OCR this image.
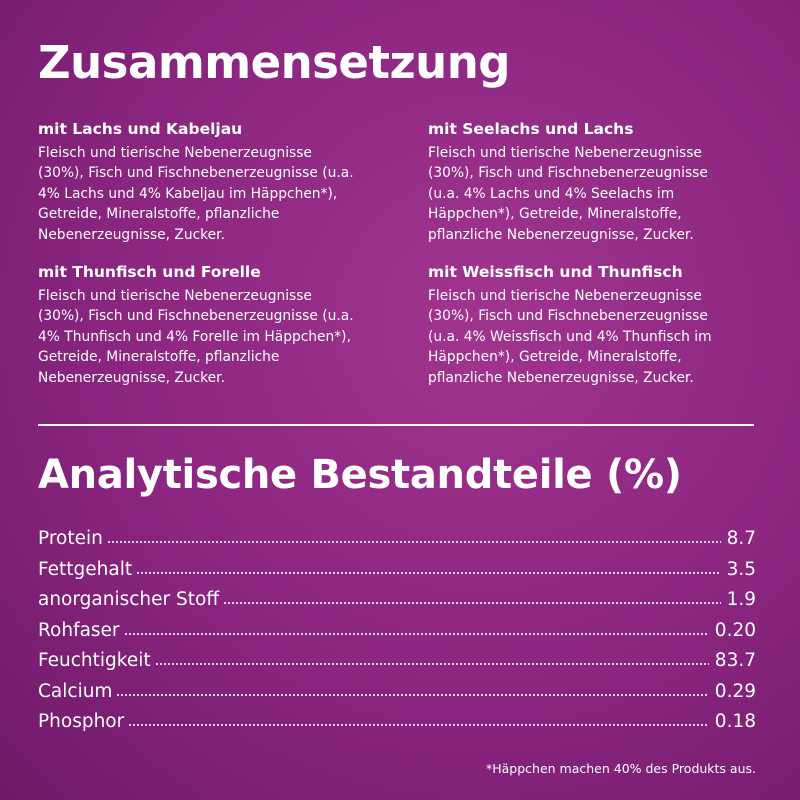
Zusammensetzung

mit Lachs und Kabeljau

Fleisch und tierische Nebenerzeugnisse
(30%), Fisch und Fischnebenerzeugnisse (u.a.
4% Lachs und 4% Kabeljau im Häppchen*),
Getreide, Mineralstoffe, pflanzliche
Nebenerzeugnisse, Zucker.

mit Seelachs und Lachs

Fleisch und tierische Nebenerzeugnisse
(30%), Fisch und Fischnebenerzeugnisse
(u.a. 4% Lachs und 4% Seelachs im
Häppchen*), Getreide, Mineralstoffe,
pflanzliche Nebenerzeugnisse, Zucker.

mit Thunfisch und Forelle

Fleisch und tierische Nebenerzeugnisse
(30%), Fisch und Fischnebenerzeugnisse (u.a.
4% Thunfisch und 4% Forelle im Häppchen*),
Getreide, Mineralstoffe, pflanzliche
Nebenerzeugnisse, Zucker.

mit Weissfisch und Thunfisch

Fleisch und tierische Nebenerzeugnisse
(30%), Fisch und Fischnebenerzeugnisse
(u.a. 4% Weissfisch und 4% Thunfisch im
Häppchen*), Getreide, Mineralstoffe,
pflanzliche Nebenerzeugnisse, Zucker.

Analytische Bestandteile (%)
Protein	8.7
Fettgehalt	3.5
anorganischer Stoff	1.9
Rohfaser	0.20
Feuchtigkeit	83.7
Calcium	0.29
Phosphor	0.18

*Häppchen machen 40% des Produkts aus.
